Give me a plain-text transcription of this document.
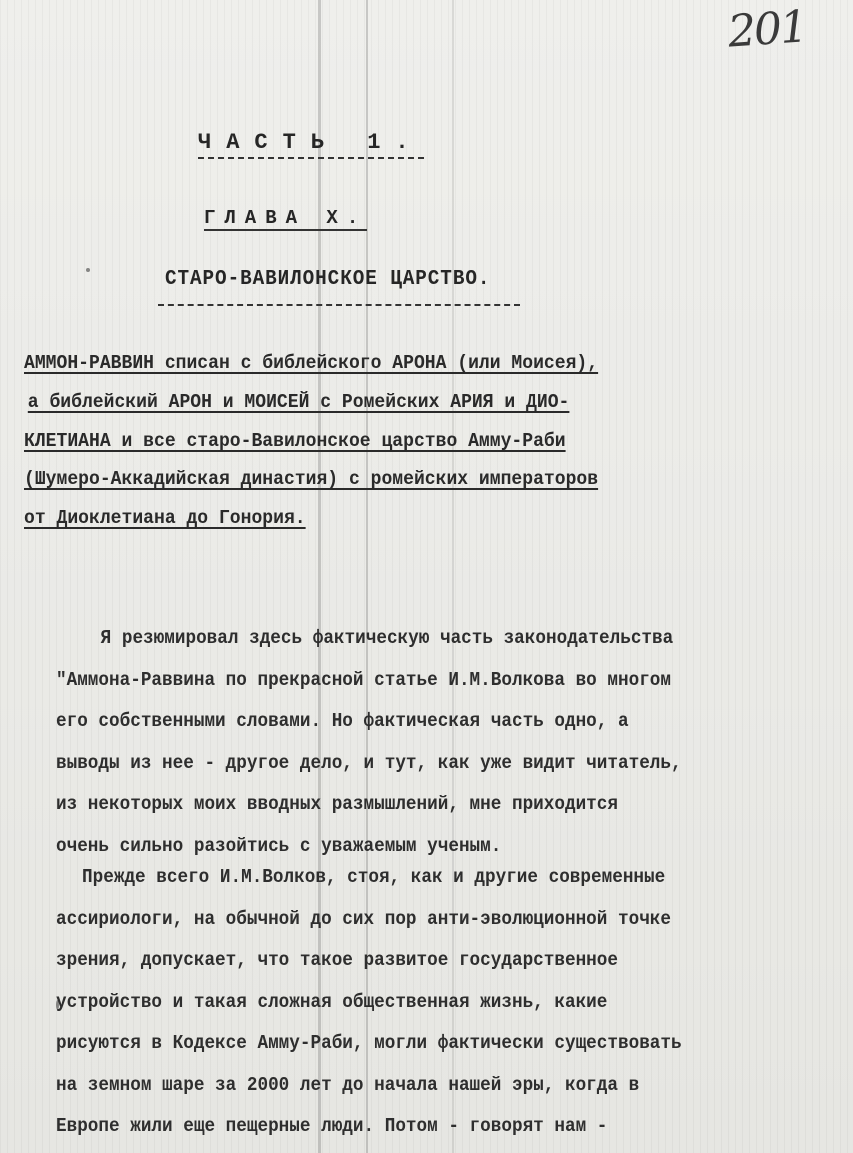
201
ЧАСТЬ 1.
ГЛАВА Х.
СТАРО-ВАВИЛОНСКОЕ ЦАРСТВО.
АММОН-РАВВИН списан с библейского АРОНА (или Моисея),
а библейский АРОН и МОИСЕЙ с Ромейских АРИЯ и ДИО-
КЛЕТИАНА и все старо-Вавилонское царство Амму-Раби
(Шумеро-Аккадийская династия) с ромейских императоров
от Диоклетиана до Гонория.
Я резюмировал здесь фактическую часть законодательства
"Аммона-Раввина по прекрасной статье И.М.Волкова во многом
его собственными словами. Но фактическая часть одно, а
выводы из нее - другое дело, и тут, как уже видит читатель,
из некоторых моих вводных размышлений, мне приходится
очень сильно разойтись с уважаемым ученым.
Прежде всего И.М.Волков, стоя, как и другие современные
ассириологи, на обычной до сих пор анти-эволюционной точке
зрения, допускает, что такое развитое государственное
устройство и такая сложная общественная жизнь, какие
рисуются в Кодексе Амму-Раби, могли фактически существовать
на земном шаре за 2000 лет до начала нашей эры, когда в
Европе жили еще пещерные люди. Потом - говорят нам -
